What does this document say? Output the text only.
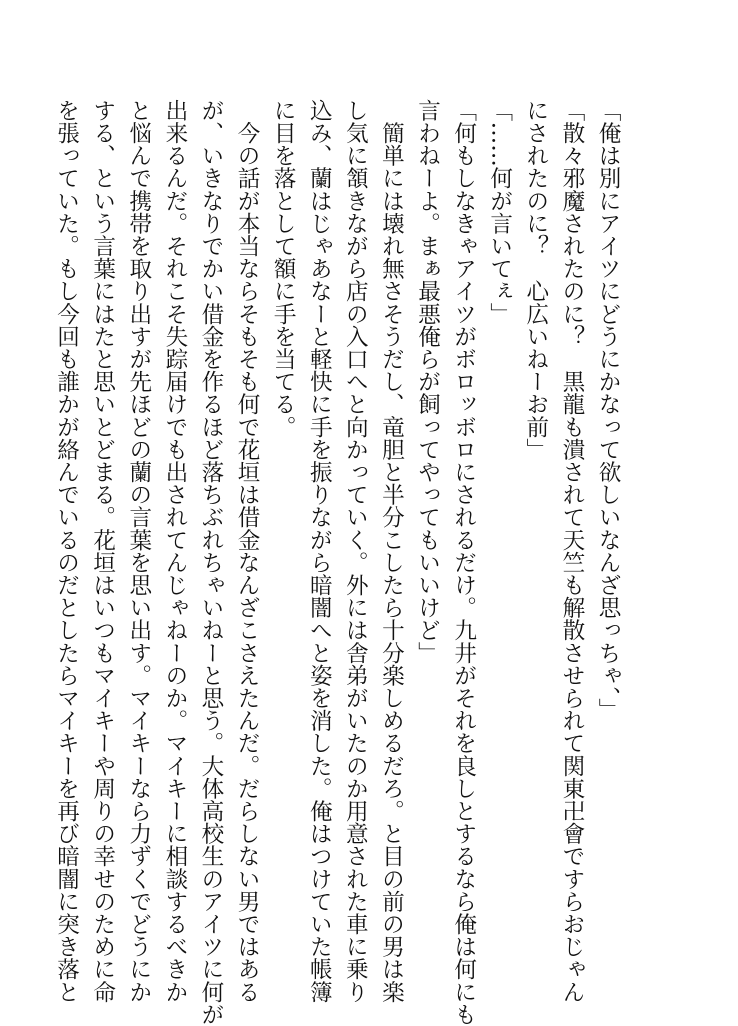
「俺は別にアイツにどうにかなって欲しいなんざ思っちゃ、」
「散々邪魔されたのに？　黒龍も潰されて天竺も解散させられて関東卍會ですらおじゃん
にされたのに？　心広いねーお前」
「……何が言いてぇ」
「何もしなきゃアイツがボロッボロにされるだけ。九井がそれを良しとするなら俺は何にも
言わねーよ。まぁ最悪俺らが飼ってやってもいいけど」
　簡単には壊れ無さそうだし、竜胆と半分こしたら十分楽しめるだろ。と目の前の男は楽
し気に頷きながら店の入口へと向かっていく。外には舎弟がいたのか用意された車に乗り
込み、蘭はじゃあなーと軽快に手を振りながら暗闇へと姿を消した。俺はつけていた帳簿
に目を落として額に手を当てる。
　今の話が本当ならそもそも何で花垣は借金なんざこさえたんだ。だらしない男ではある
が、いきなりでかい借金を作るほど落ちぶれちゃいねーと思う。大体高校生のアイツに何が
出来るんだ。それこそ失踪届けでも出されてんじゃねーのか。マイキーに相談するべきか
と悩んで携帯を取り出すが先ほどの蘭の言葉を思い出す。マイキーなら力ずくでどうにか
する、という言葉にはたと思いとどまる。花垣はいつもマイキーや周りの幸せのために命
を張っていた。もし今回も誰かが絡んでいるのだとしたらマイキーを再び暗闇に突き落と
